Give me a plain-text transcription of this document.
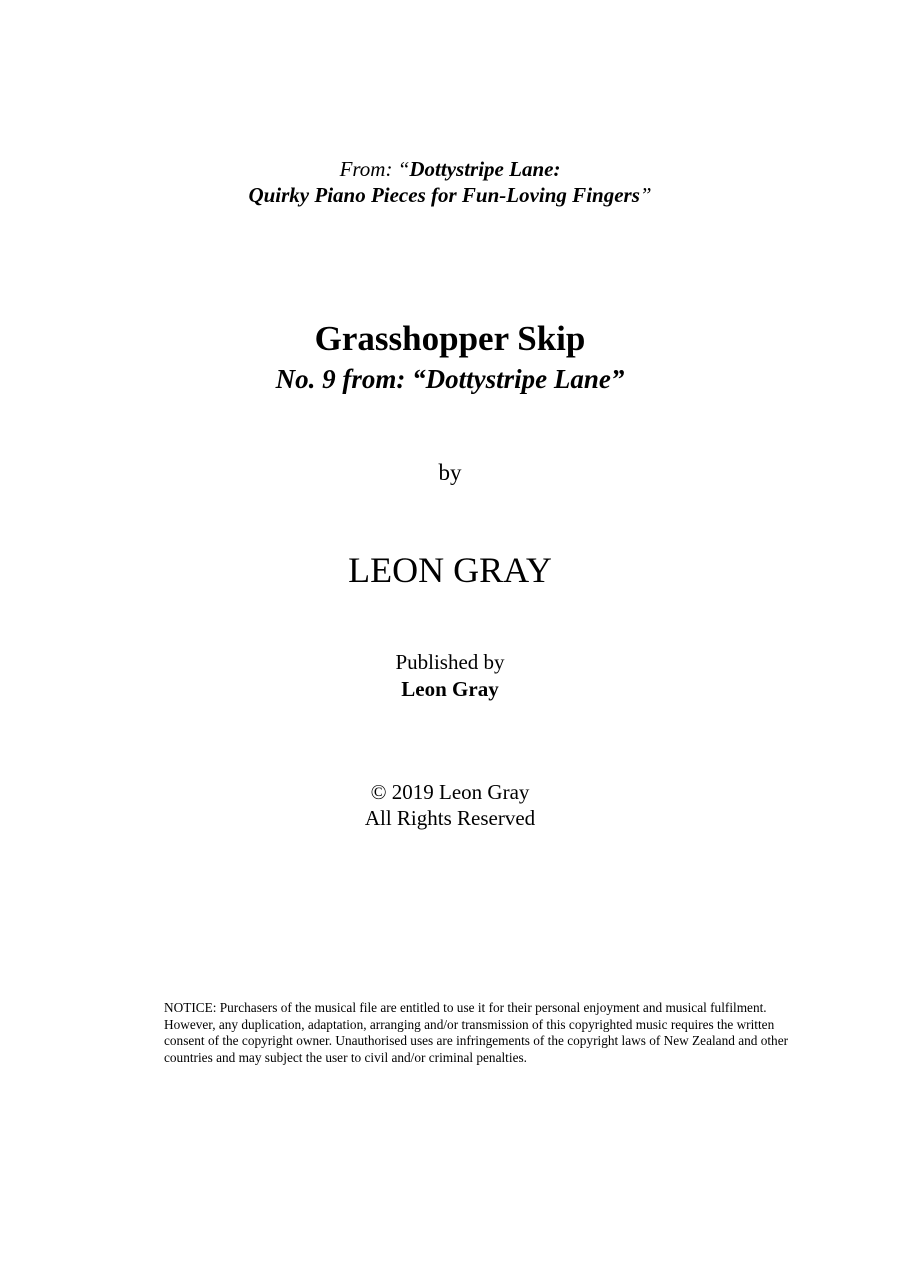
From: “Dottystripe Lane:
Quirky Piano Pieces for Fun-Loving Fingers”
Grasshopper Skip
No. 9 from: “Dottystripe Lane”
by
LEON GRAY
Published by
Leon Gray
© 2019 Leon Gray
All Rights Reserved
NOTICE: Purchasers of the musical file are entitled to use it for their personal enjoyment and musical fulfilment. However, any duplication, adaptation, arranging and/or transmission of this copyrighted music requires the written consent of the copyright owner. Unauthorised uses are infringements of the copyright laws of New Zealand and other countries and may subject the user to civil and/or criminal penalties.
